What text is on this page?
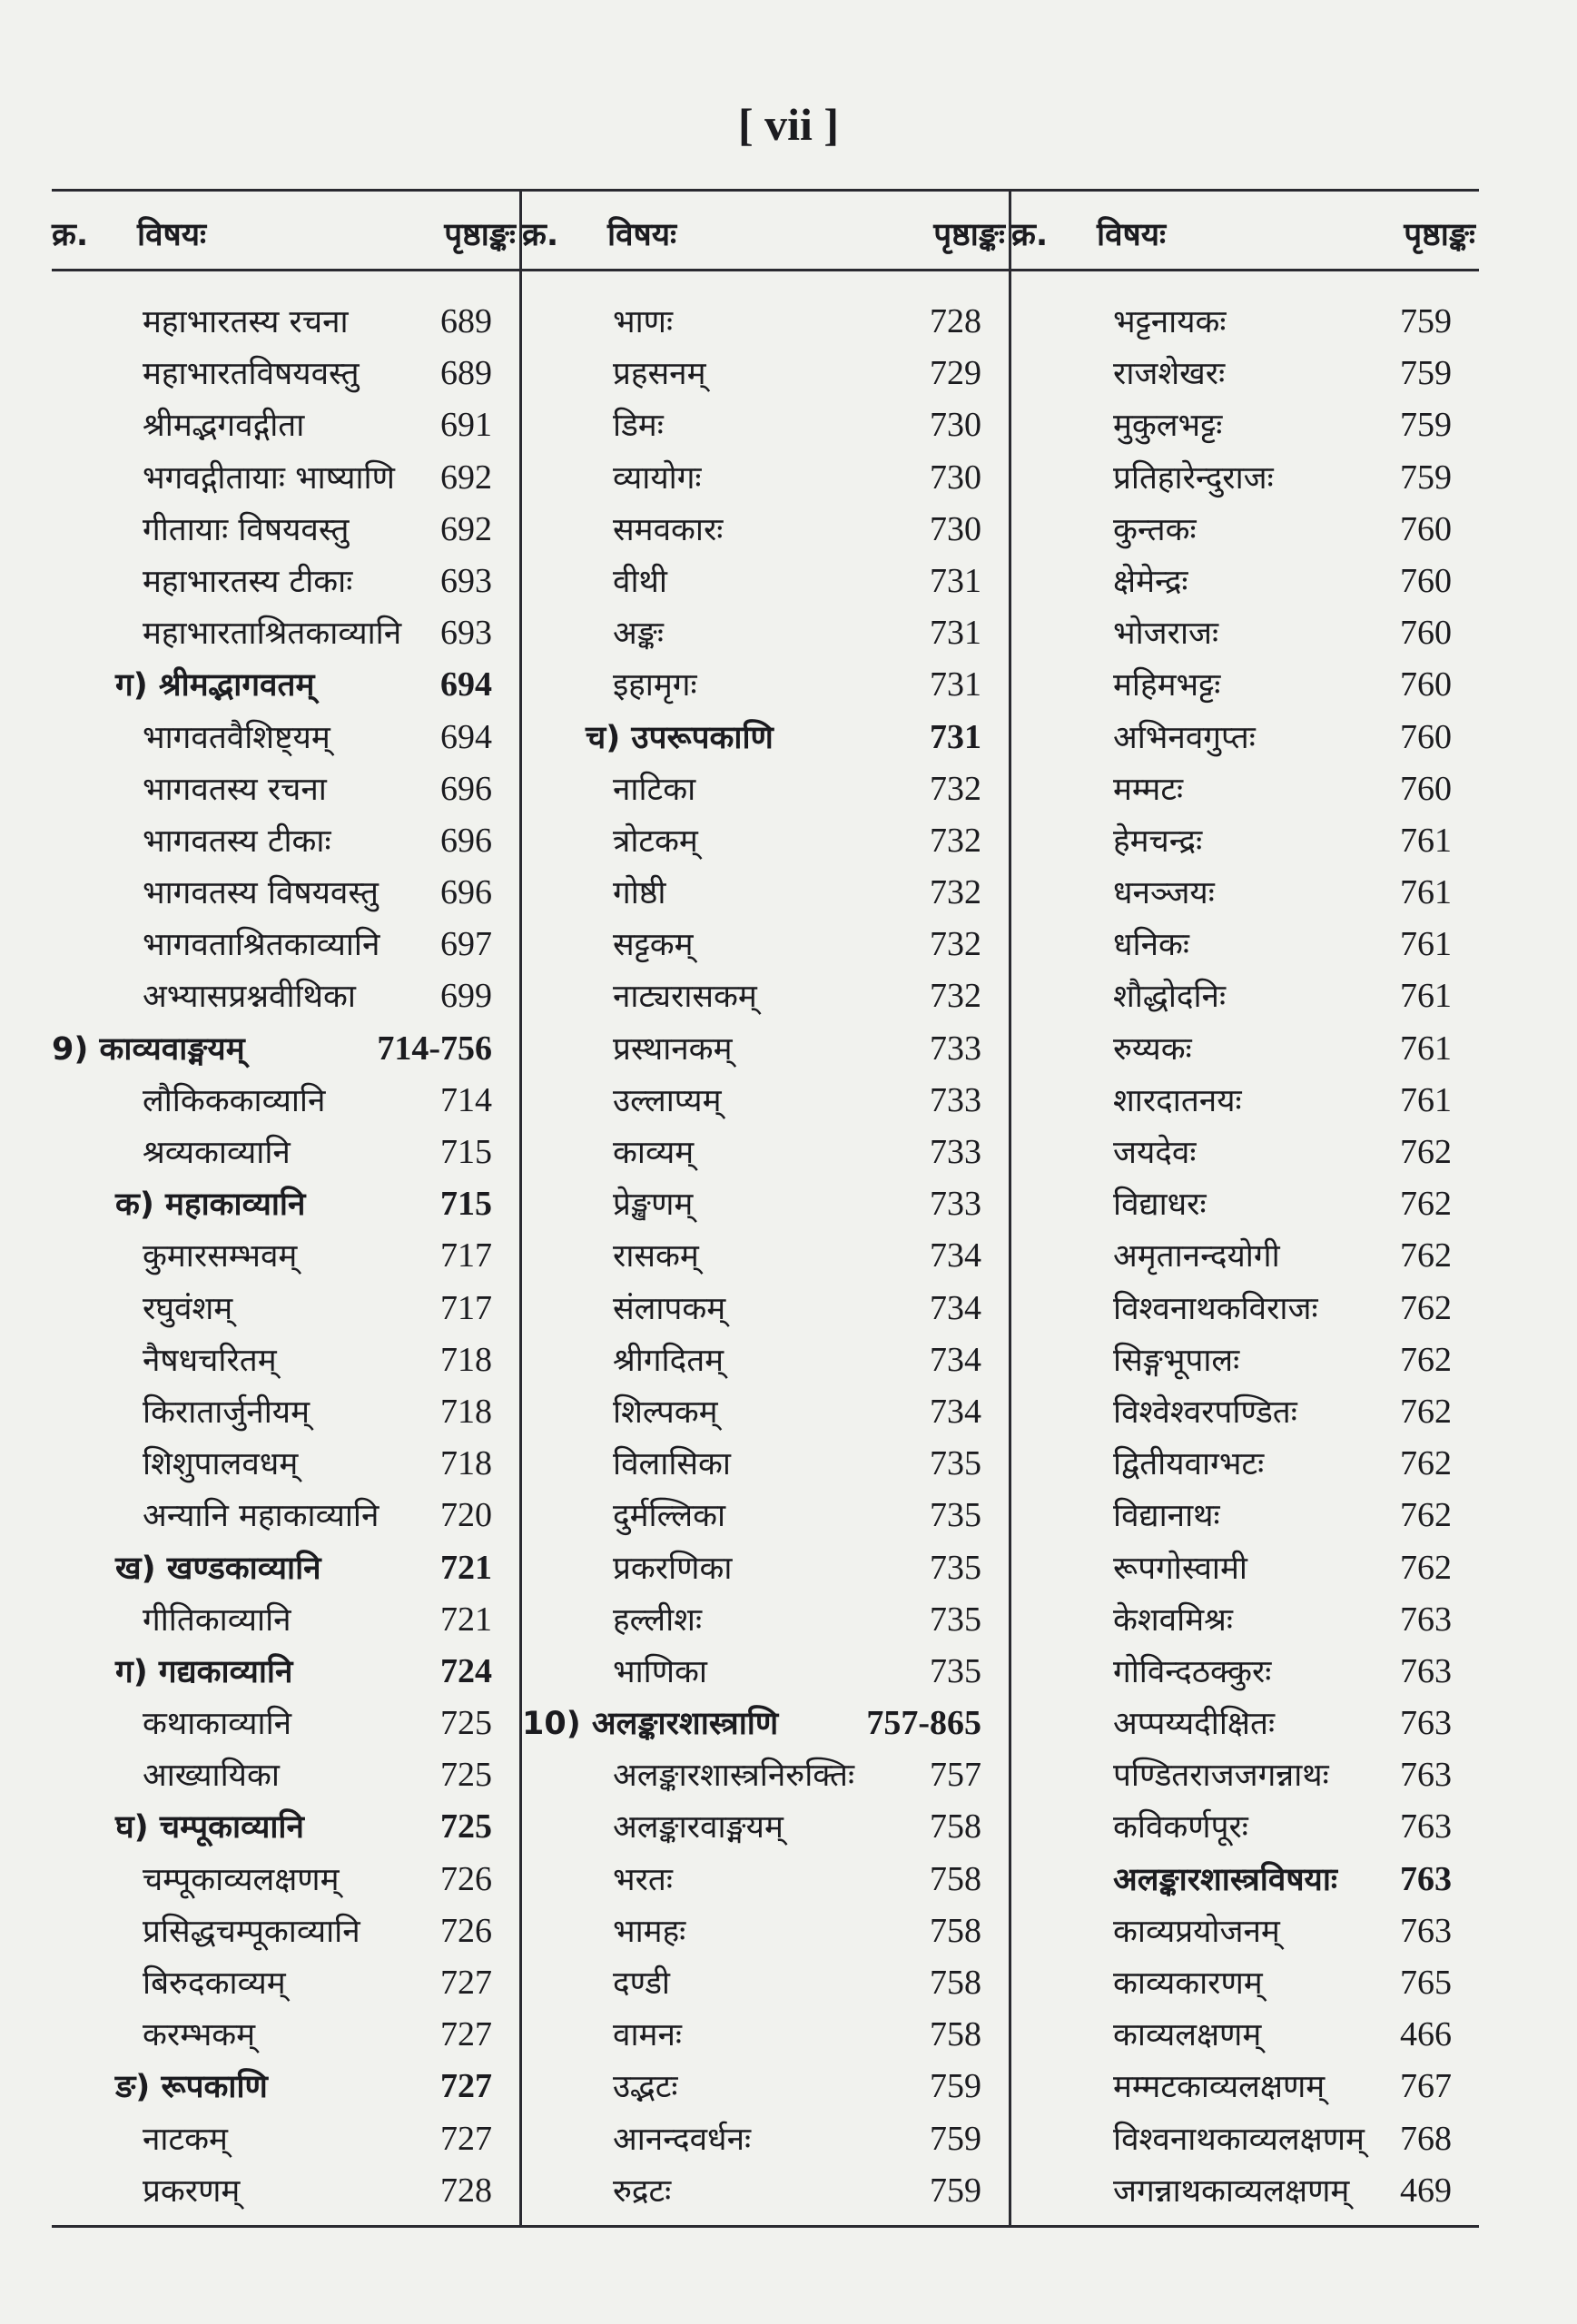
[ vii ]
क्र. विषयः	पृष्ठाङ्कः
महाभारतस्य रचना	689
महाभारतविषयवस्तु 689
श्रीमद्भगवद्गीता	691
भगवद्गीतायाः भाष्याणि 692
गीतायाः विषयवस्तु	692
महाभारतस्य टीकाः	693
महाभारताश्रितकाव्यानि 693
ग) श्रीमद्भागवतम्	694
भागवतवैशिष्ट्यम्	694
भागवतस्य रचना	696
भागवतस्य टीकाः	696
भागवतस्य विषयवस्तु 696
भागवताश्रितकाव्यानि 697
अभ्यासप्रश्नवीथिका 699
9) काव्यवाङ्मयम्	714-756
लौकिककाव्यानि	714
श्रव्यकाव्यानि	715
क) महाकाव्यानि	715
कुमारसम्भवम्	717
रघुवंशम्	717
नैषधचरितम्	718
किरातार्जुनीयम्	718
शिशुपालवधम्	718
अन्यानि महाकाव्यानि 720
ख) खण्डकाव्यानि	721
गीतिकाव्यानि	721
ग) गद्यकाव्यानि	724
कथाकाव्यानि	725
आख्यायिका	725
घ) चम्पूकाव्यानि	725
चम्पूकाव्यलक्षणम्	726
प्रसिद्धचम्पूकाव्यानि 726
बिरुदकाव्यम्	727
करम्भकम्	727
ङ) रूपकाणि	727
नाटकम्	727
प्रकरणम्	728
क्र. विषयः	पृष्ठाङ्कः
भाणः	728
प्रहसनम्	729
डिमः	730
व्यायोगः	730
समवकारः	730
वीथी	731
अङ्कः	731
इहामृगः	731
च) उपरूपकाणि	731
नाटिका	732
त्रोटकम्	732
गोष्ठी	732
सट्टकम्	732
नाट्यरासकम्	732
प्रस्थानकम्	733
उल्लाप्यम्	733
काव्यम्	733
प्रेङ्खणम्	733
रासकम्	734
संलापकम्	734
श्रीगदितम्	734
शिल्पकम्	734
विलासिका	735
दुर्मल्लिका	735
प्रकरणिका	735
हल्लीशः	735
भाणिका	735
10) अलङ्कारशास्त्राणि	757-865
अलङ्कारशास्त्रनिरुक्तिः 757
अलङ्कारवाङ्मयम्	758
भरतः	758
भामहः	758
दण्डी	758
वामनः	758
उद्भटः	759
आनन्दवर्धनः	759
रुद्रटः	759
क्र. विषयः	पृष्ठाङ्कः
भट्टनायकः	759
राजशेखरः	759
मुकुलभट्टः	759
प्रतिहारेन्दुराजः	759
कुन्तकः	760
क्षेमेन्द्रः	760
भोजराजः	760
महिमभट्टः	760
अभिनवगुप्तः	760
मम्मटः	760
हेमचन्द्रः	761
धनञ्जयः	761
धनिकः	761
शौद्धोदनिः	761
रुय्यकः	761
शारदातनयः	761
जयदेवः	762
विद्याधरः	762
अमृतानन्दयोगी	762
विश्वनाथकविराजः 762
सिङ्गभूपालः	762
विश्वेश्वरपण्डितः	762
द्वितीयवाग्भटः	762
विद्यानाथः	762
रूपगोस्वामी	762
केशवमिश्रः	763
गोविन्दठक्कुरः	763
अप्पय्यदीक्षितः	763
पण्डितराजजगन्नाथः 763
कविकर्णपूरः	763
अलङ्कारशास्त्रविषयाः 763
काव्यप्रयोजनम्	763
काव्यकारणम्	765
काव्यलक्षणम्	466
मम्मटकाव्यलक्षणम् 767
विश्वनाथकाव्यलक्षणम् 768
जगन्नाथकाव्यलक्षणम् 469
